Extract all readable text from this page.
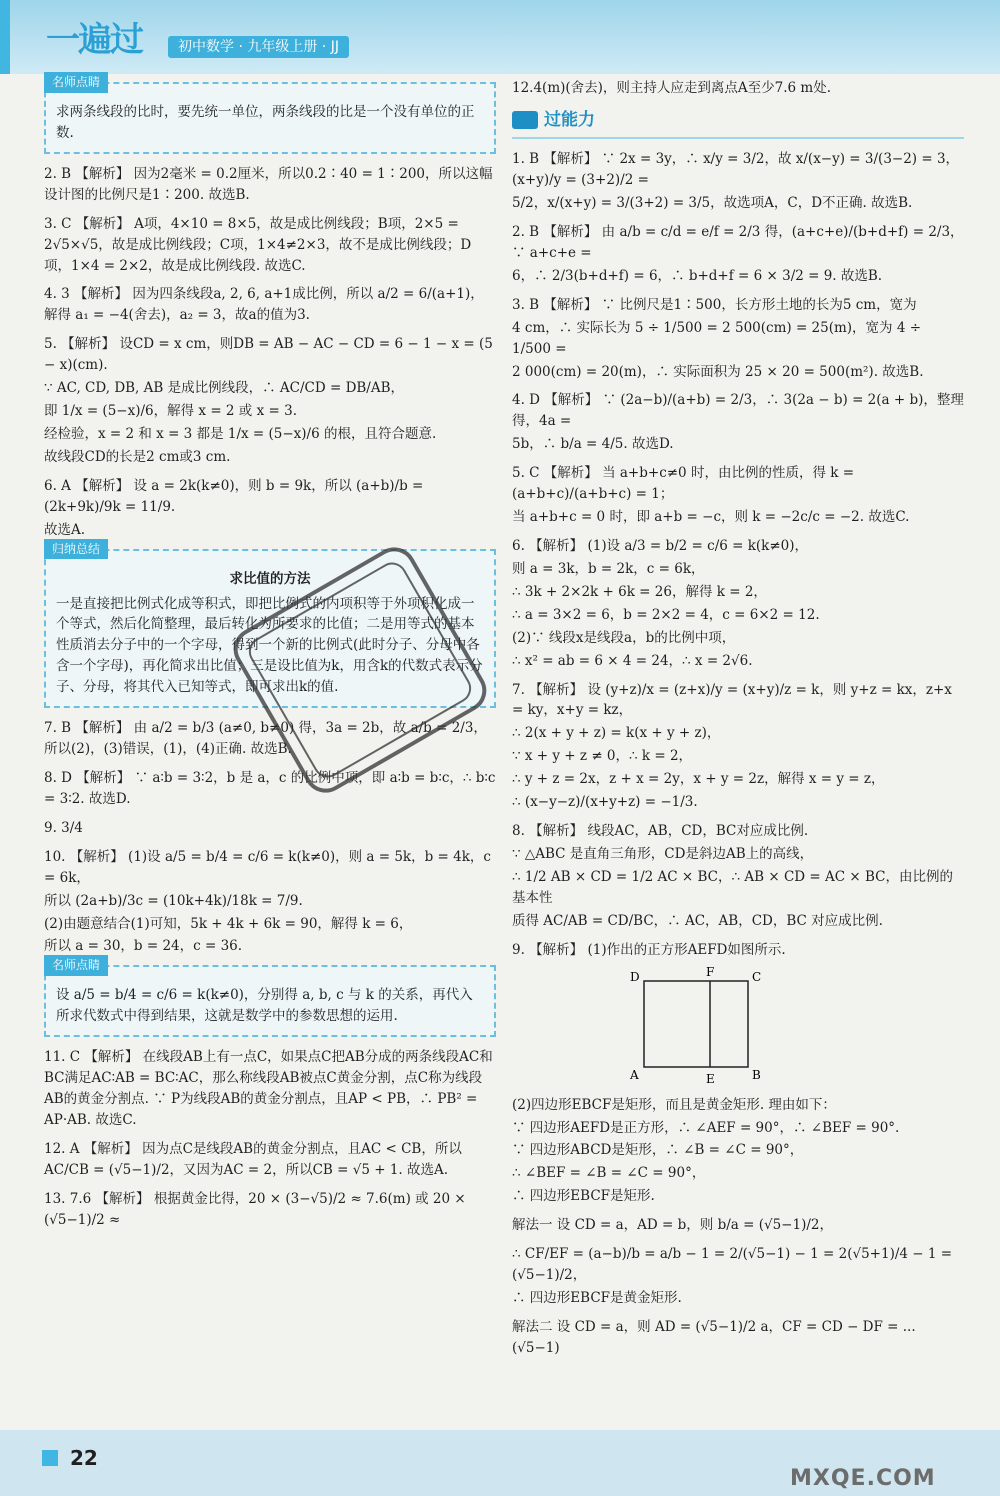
一遍过	初中数学 · 九年级上册 · JJ
名师点睛
求两条线段的比时，要先统一单位，两条线段的比是一个没有单位的正数.

2. B 【解析】 因为2毫米 = 0.2厘米，所以0.2∶40 = 1∶200，所以这幅设计图的比例尺是1∶200. 故选B.

3. C 【解析】 A项，4×10 = 8×5，故是成比例线段；B项，2×5 = 2√5×√5，故是成比例线段；C项，1×4≠2×3，故不是成比例线段；D项，1×4 = 2×2，故是成比例线段. 故选C.

4. 3 【解析】 因为四条线段a, 2, 6, a+1成比例，所以 a/2 = 6/(a+1)，解得 a₁ = −4(舍去)，a₂ = 3，故a的值为3.

5. 【解析】 设CD = x cm，则DB = AB − AC − CD = 6 − 1 − x = (5 − x)(cm).

∵ AC, CD, DB, AB 是成比例线段，∴ AC/CD = DB/AB，

即 1/x = (5−x)/6，解得 x = 2 或 x = 3.

经检验，x = 2 和 x = 3 都是 1/x = (5−x)/6 的根，且符合题意.

故线段CD的长是2 cm或3 cm.

6. A 【解析】 设 a = 2k(k≠0)，则 b = 9k，所以 (a+b)/b = (2k+9k)/9k = 11/9.

故选A.

归纳总结
求比值的方法
一是直接把比例式化成等积式，即把比例式的内项积等于外项积化成一个等式，然后化简整理，最后转化为所要求的比值；二是用等式的基本性质消去分子中的一个字母，得到一个新的比例式(此时分子、分母中各含一个字母)，再化简求出比值；三是设比值为k，用含k的代数式表示分子、分母，将其代入已知等式，即可求出k的值.

7. B 【解析】 由 a/2 = b/3 (a≠0, b≠0) 得，3a = 2b，故 a/b = 2/3，所以(2)，(3)错误，(1)，(4)正确. 故选B.

8. D 【解析】 ∵ a∶b = 3∶2，b 是 a，c 的比例中项，即 a∶b = b∶c，∴ b∶c = 3∶2. 故选D.

9. 3/4

10. 【解析】 (1)设 a/5 = b/4 = c/6 = k(k≠0)，则 a = 5k，b = 4k，c = 6k，

所以 (2a+b)/3c = (10k+4k)/18k = 7/9.

(2)由题意结合(1)可知，5k + 4k + 6k = 90，解得 k = 6，

所以 a = 30，b = 24，c = 36.

名师点睛
设 a/5 = b/4 = c/6 = k(k≠0)，分别得 a, b, c 与 k 的关系，再代入所求代数式中得到结果，这就是数学中的参数思想的运用.

11. C 【解析】 在线段AB上有一点C，如果点C把AB分成的两条线段AC和BC满足AC∶AB = BC∶AC，那么称线段AB被点C黄金分割，点C称为线段AB的黄金分割点. ∵ P为线段AB的黄金分割点，且AP < PB，∴ PB² = AP·AB. 故选C.

12. A 【解析】 因为点C是线段AB的黄金分割点，且AC < CB，所以 AC/CB = (√5−1)/2，又因为AC = 2，所以CB = √5 + 1. 故选A.

13. 7.6 【解析】 根据黄金比得，20 × (3−√5)/2 ≈ 7.6(m) 或 20 × (√5−1)/2 ≈

12.4(m)(舍去)，则主持人应走到离点A至少7.6 m处.

过能力

1. B 【解析】 ∵ 2x = 3y，∴ x/y = 3/2，故 x/(x−y) = 3/(3−2) = 3，(x+y)/y = (3+2)/2 =

5/2，x/(x+y) = 3/(3+2) = 3/5，故选项A，C，D不正确. 故选B.

2. B 【解析】 由 a/b = c/d = e/f = 2/3 得，(a+c+e)/(b+d+f) = 2/3，∵ a+c+e =

6，∴ 2/3(b+d+f) = 6，∴ b+d+f = 6 × 3/2 = 9. 故选B.

3. B 【解析】 ∵ 比例尺是1∶500，长方形土地的长为5 cm，宽为

4 cm，∴ 实际长为 5 ÷ 1/500 = 2 500(cm) = 25(m)，宽为 4 ÷ 1/500 =

2 000(cm) = 20(m)，∴ 实际面积为 25 × 20 = 500(m²). 故选B.

4. D 【解析】 ∵ (2a−b)/(a+b) = 2/3，∴ 3(2a − b) = 2(a + b)，整理得，4a =

5b，∴ b/a = 4/5. 故选D.

5. C 【解析】 当 a+b+c≠0 时，由比例的性质，得 k = (a+b+c)/(a+b+c) = 1；

当 a+b+c = 0 时，即 a+b = −c，则 k = −2c/c = −2. 故选C.

6. 【解析】 (1)设 a/3 = b/2 = c/6 = k(k≠0)，

则 a = 3k，b = 2k，c = 6k，

∴ 3k + 2×2k + 6k = 26，解得 k = 2，

∴ a = 3×2 = 6，b = 2×2 = 4，c = 6×2 = 12.

(2)∵ 线段x是线段a，b的比例中项，

∴ x² = ab = 6 × 4 = 24，∴ x = 2√6.

7. 【解析】 设 (y+z)/x = (z+x)/y = (x+y)/z = k，则 y+z = kx，z+x = ky，x+y = kz，

∴ 2(x + y + z) = k(x + y + z)，

∵ x + y + z ≠ 0，∴ k = 2，

∴ y + z = 2x，z + x = 2y，x + y = 2z，解得 x = y = z，

∴ (x−y−z)/(x+y+z) = −1/3.

8. 【解析】 线段AC，AB，CD，BC对应成比例.

∵ △ABC 是直角三角形，CD是斜边AB上的高线，

∴ 1/2 AB × CD = 1/2 AC × BC，∴ AB × CD = AC × BC，由比例的基本性

质得 AC/AB = CD/BC，∴ AC，AB，CD，BC 对应成比例.

9. 【解析】 (1)作出的正方形AEFD如图所示.

D	F	C
A	E	B

(2)四边形EBCF是矩形，而且是黄金矩形. 理由如下：

∵ 四边形AEFD是正方形，∴ ∠AEF = 90°，∴ ∠BEF = 90°.

∵ 四边形ABCD是矩形，∴ ∠B = ∠C = 90°，

∴ ∠BEF = ∠B = ∠C = 90°，

∴ 四边形EBCF是矩形.

解法一 设 CD = a，AD = b，则 b/a = (√5−1)/2，

∴ CF/EF = (a−b)/b = a/b − 1 = 2/(√5−1) − 1 = 2(√5+1)/4 − 1 = (√5−1)/2，

∴ 四边形EBCF是黄金矩形.

解法二 设 CD = a，则 AD = (√5−1)/2 a，CF = CD − DF = ... (√5−1)

22
MXQE.COM
